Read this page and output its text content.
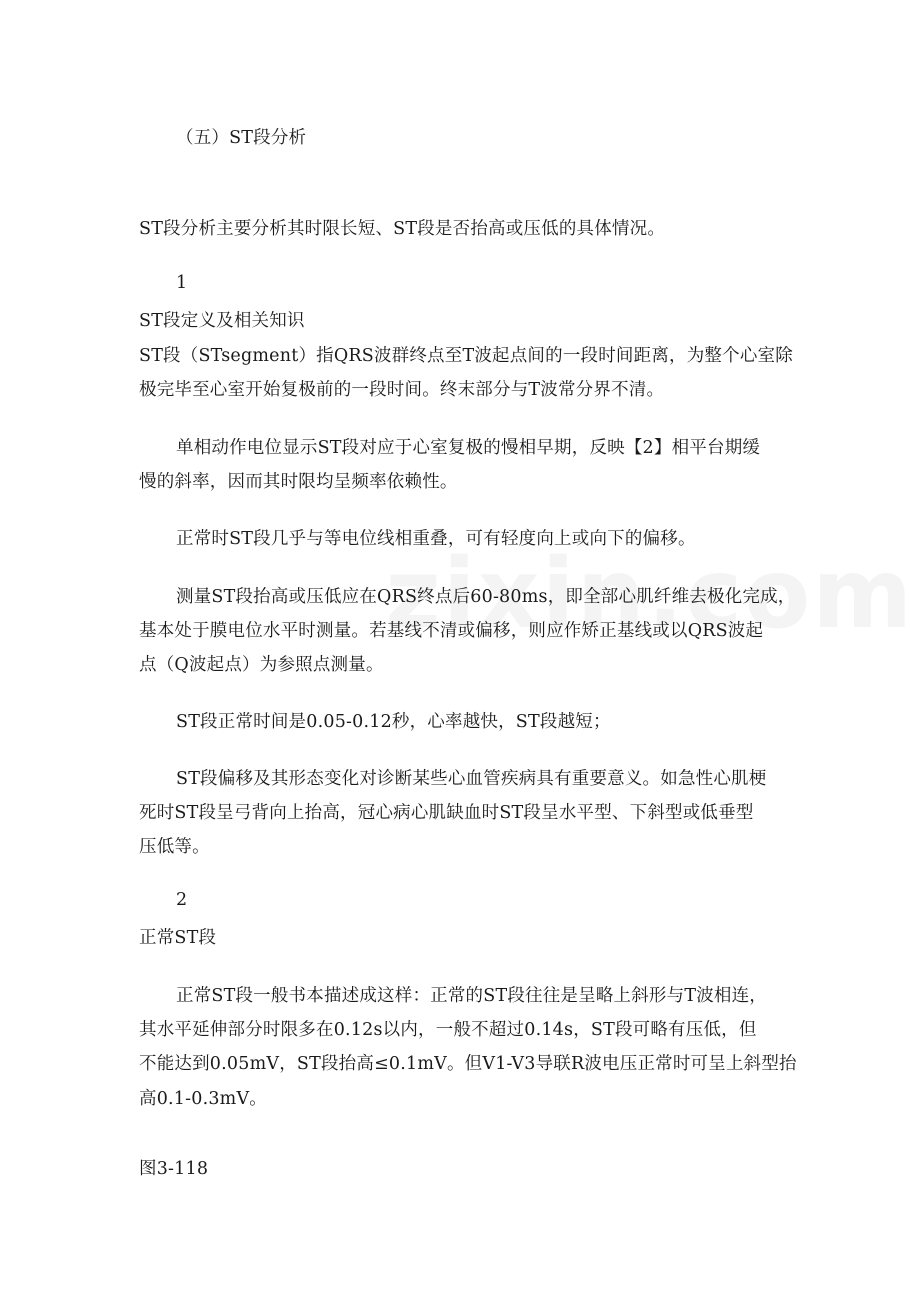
（五）ST段分析
ST段分析主要分析其时限长短、ST段是否抬高或压低的具体情况。
1
ST段定义及相关知识
ST段（STsegment）指QRS波群终点至T波起点间的一段时间距离，为整个心室除
极完毕至心室开始复极前的一段时间。终末部分与T波常分界不清。
单相动作电位显示ST段对应于心室复极的慢相早期，反映【2】相平台期缓
慢的斜率，因而其时限均呈频率依赖性。
正常时ST段几乎与等电位线相重叠，可有轻度向上或向下的偏移。
测量ST段抬高或压低应在QRS终点后60-80ms，即全部心肌纤维去极化完成，
基本处于膜电位水平时测量。若基线不清或偏移，则应作矫正基线或以QRS波起
点（Q波起点）为参照点测量。
ST段正常时间是0.05-0.12秒，心率越快，ST段越短；
ST段偏移及其形态变化对诊断某些心血管疾病具有重要意义。如急性心肌梗
死时ST段呈弓背向上抬高，冠心病心肌缺血时ST段呈水平型、下斜型或低垂型
压低等。
2
正常ST段
正常ST段一般书本描述成这样：正常的ST段往往是呈略上斜形与T波相连，
其水平延伸部分时限多在0.12s以内，一般不超过0.14s，ST段可略有压低，但
不能达到0.05mV，ST段抬高≤0.1mV。但V1-V3导联R波电压正常时可呈上斜型抬
高0.1-0.3mV。
图3-118
